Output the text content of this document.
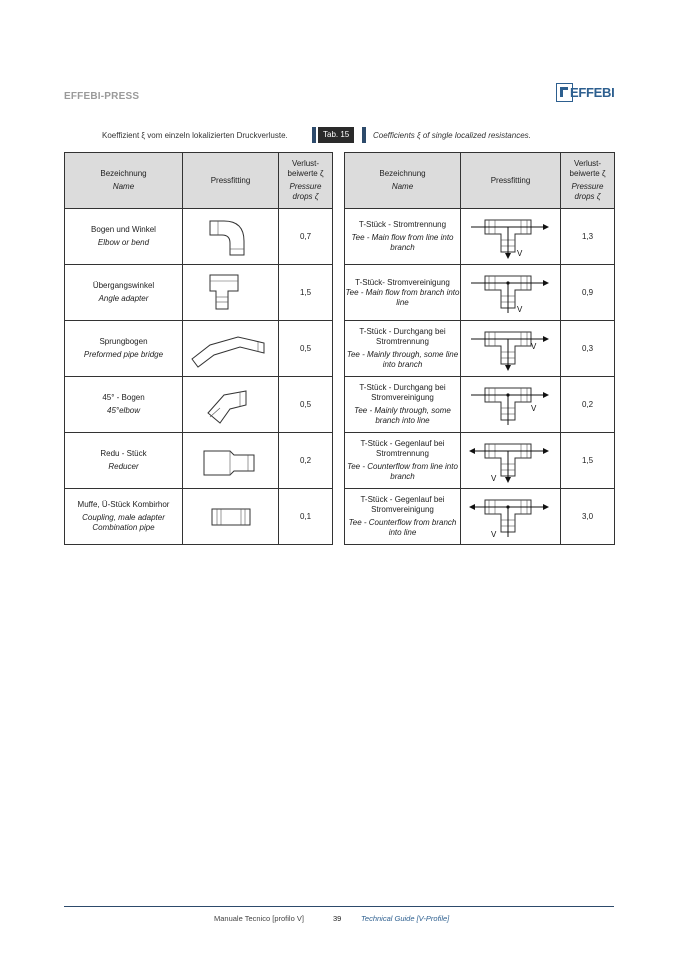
EFFEBI-PRESS	EFFEBI
Koeffizient ξ vom einzeln lokalizierten Druckverluste.	Tab. 15	Coefficients ξ of single localized resistances.
Bezeichnung
Name	Pressfitting	Verlust-
beiwerte ζ
Pressure
drops ζ

Bogen und Winkel
Elbow or bend		0,7

Übergangswinkel
Angle adapter		1,5

Sprungbogen
Preformed pipe bridge		0,5

45° - Bogen
45°elbow		0,5

Redu - Stück
Reducer		0,2

Muffe, Ü-Stück Kombirhor
Coupling, male adapter
Combination pipe		0,1
Bezeichnung
Name	Pressfitting	Verlust-
beiwerte ζ
Pressure
drops ζ

T-Stück - Stromtrennung
Tee - Main flow from line into branch	V	1,3

T-Stück- Stromvereinigung
Tee - Main flow from branch into line	V	0,9

T-Stück - Durchgang bei Stromtrennung
Tee - Mainly through, some line into branch	V	0,3

T-Stück - Durchgang bei Stromvereinigung
Tee - Mainly through, some branch into line	V	0,2

T-Stück - Gegenlauf bei Stromtrennung
Tee - Counterflow from line into branch	V	1,5

T-Stück - Gegenlauf bei Stromvereinigung
Tee - Counterflow from branch into line	V	3,0
Manuale Tecnico [profilo V]	39	Technical Guide [V-Profile]
